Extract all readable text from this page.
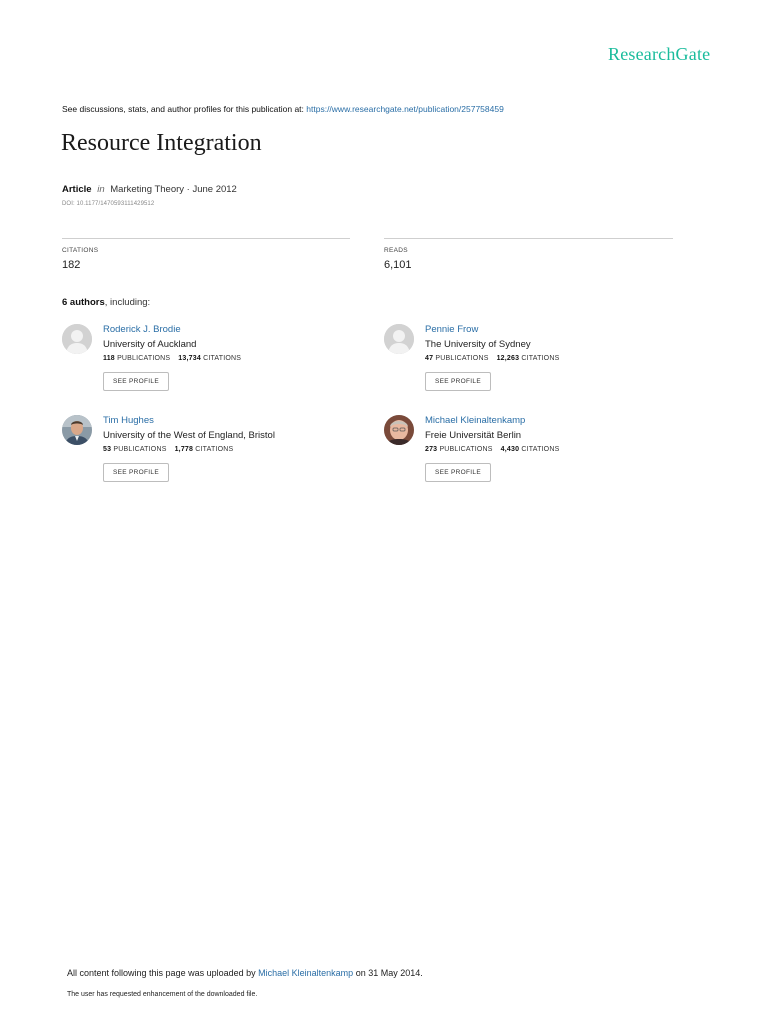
ResearchGate
See discussions, stats, and author profiles for this publication at: https://www.researchgate.net/publication/257758459
Resource Integration
Article in Marketing Theory · June 2012
DOI: 10.1177/1470593111429512
CITATIONS
182
READS
6,101
6 authors, including:
Roderick J. Brodie
University of Auckland
118 PUBLICATIONS 13,734 CITATIONS
SEE PROFILE
Pennie Frow
The University of Sydney
47 PUBLICATIONS 12,263 CITATIONS
SEE PROFILE
Tim Hughes
University of the West of England, Bristol
53 PUBLICATIONS 1,778 CITATIONS
SEE PROFILE
Michael Kleinaltenkamp
Freie Universität Berlin
273 PUBLICATIONS 4,430 CITATIONS
SEE PROFILE
All content following this page was uploaded by Michael Kleinaltenkamp on 31 May 2014.
The user has requested enhancement of the downloaded file.
